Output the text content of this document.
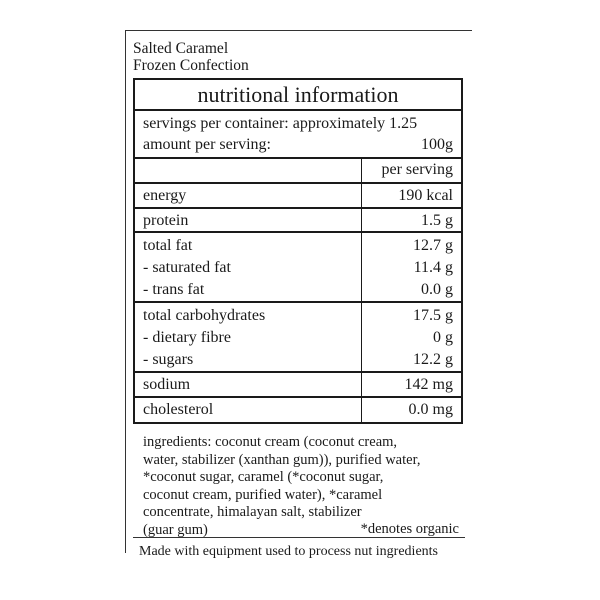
Salted Caramel
Frozen Confection
nutritional information
servings per container: approximately 1.25
amount per serving:	100g
per serving
energy	190 kcal
protein	1.5 g
total fat	12.7 g
- saturated fat	11.4 g
- trans fat	0.0 g
total carbohydrates	17.5 g
- dietary fibre	0 g
- sugars	12.2 g
sodium	142 mg
cholesterol	0.0 mg
ingredients: coconut cream (coconut cream,
water, stabilizer (xanthan gum)), purified water,
*coconut sugar, caramel (*coconut sugar,
coconut cream, purified water), *caramel
concentrate, himalayan salt, stabilizer
(guar gum)	*denotes organic
Made with equipment used to process nut ingredients
